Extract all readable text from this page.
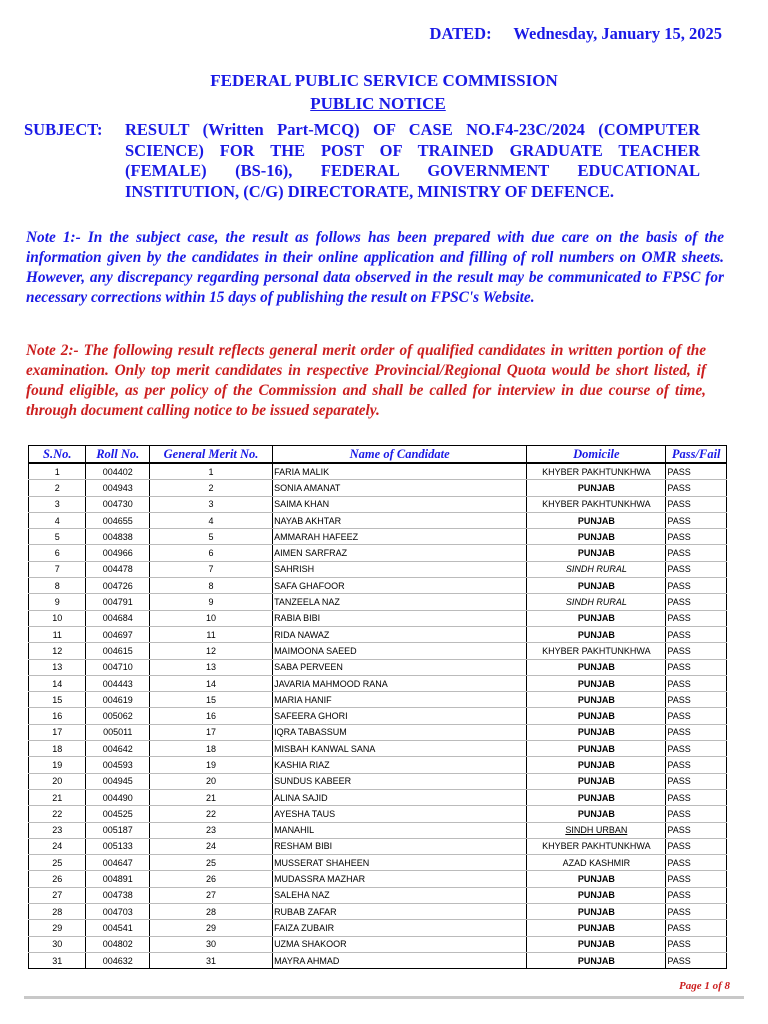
DATED: Wednesday, January 15, 2025
FEDERAL PUBLIC SERVICE COMMISSION
PUBLIC NOTICE
SUBJECT: RESULT (Written Part-MCQ) OF CASE NO.F4-23C/2024 (COMPUTER SCIENCE) FOR THE POST OF TRAINED GRADUATE TEACHER (FEMALE) (BS-16), FEDERAL GOVERNMENT EDUCATIONAL INSTITUTION, (C/G) DIRECTORATE, MINISTRY OF DEFENCE.
Note 1:- In the subject case, the result as follows has been prepared with due care on the basis of the information given by the candidates in their online application and filling of roll numbers on OMR sheets. However, any discrepancy regarding personal data observed in the result may be communicated to FPSC for necessary corrections within 15 days of publishing the result on FPSC's Website.
Note 2:- The following result reflects general merit order of qualified candidates in written portion of the examination. Only top merit candidates in respective Provincial/Regional Quota would be short listed, if found eligible, as per policy of the Commission and shall be called for interview in due course of time, through document calling notice to be issued separately.
S.No.	Roll No.	General Merit No.	Name of Candidate	Domicile	Pass/Fail
1	004402	1	FARIA MALIK	KHYBER PAKHTUNKHWA	PASS
2	004943	2	SONIA AMANAT	PUNJAB	PASS
3	004730	3	SAIMA KHAN	KHYBER PAKHTUNKHWA	PASS
4	004655	4	NAYAB AKHTAR	PUNJAB	PASS
5	004838	5	AMMARAH HAFEEZ	PUNJAB	PASS
6	004966	6	AIMEN SARFRAZ	PUNJAB	PASS
7	004478	7	SAHRISH	SINDH RURAL	PASS
8	004726	8	SAFA GHAFOOR	PUNJAB	PASS
9	004791	9	TANZEELA NAZ	SINDH RURAL	PASS
10	004684	10	RABIA BIBI	PUNJAB	PASS
11	004697	11	RIDA NAWAZ	PUNJAB	PASS
12	004615	12	MAIMOONA SAEED	KHYBER PAKHTUNKHWA	PASS
13	004710	13	SABA PERVEEN	PUNJAB	PASS
14	004443	14	JAVARIA MAHMOOD RANA	PUNJAB	PASS
15	004619	15	MARIA HANIF	PUNJAB	PASS
16	005062	16	SAFEERA GHORI	PUNJAB	PASS
17	005011	17	IQRA TABASSUM	PUNJAB	PASS
18	004642	18	MISBAH KANWAL SANA	PUNJAB	PASS
19	004593	19	KASHIA RIAZ	PUNJAB	PASS
20	004945	20	SUNDUS KABEER	PUNJAB	PASS
21	004490	21	ALINA SAJID	PUNJAB	PASS
22	004525	22	AYESHA TAUS	PUNJAB	PASS
23	005187	23	MANAHIL	SINDH URBAN	PASS
24	005133	24	RESHAM BIBI	KHYBER PAKHTUNKHWA	PASS
25	004647	25	MUSSERAT SHAHEEN	AZAD KASHMIR	PASS
26	004891	26	MUDASSRA MAZHAR	PUNJAB	PASS
27	004738	27	SALEHA NAZ	PUNJAB	PASS
28	004703	28	RUBAB ZAFAR	PUNJAB	PASS
29	004541	29	FAIZA ZUBAIR	PUNJAB	PASS
30	004802	30	UZMA SHAKOOR	PUNJAB	PASS
31	004632	31	MAYRA AHMAD	PUNJAB	PASS
Page 1 of 8
